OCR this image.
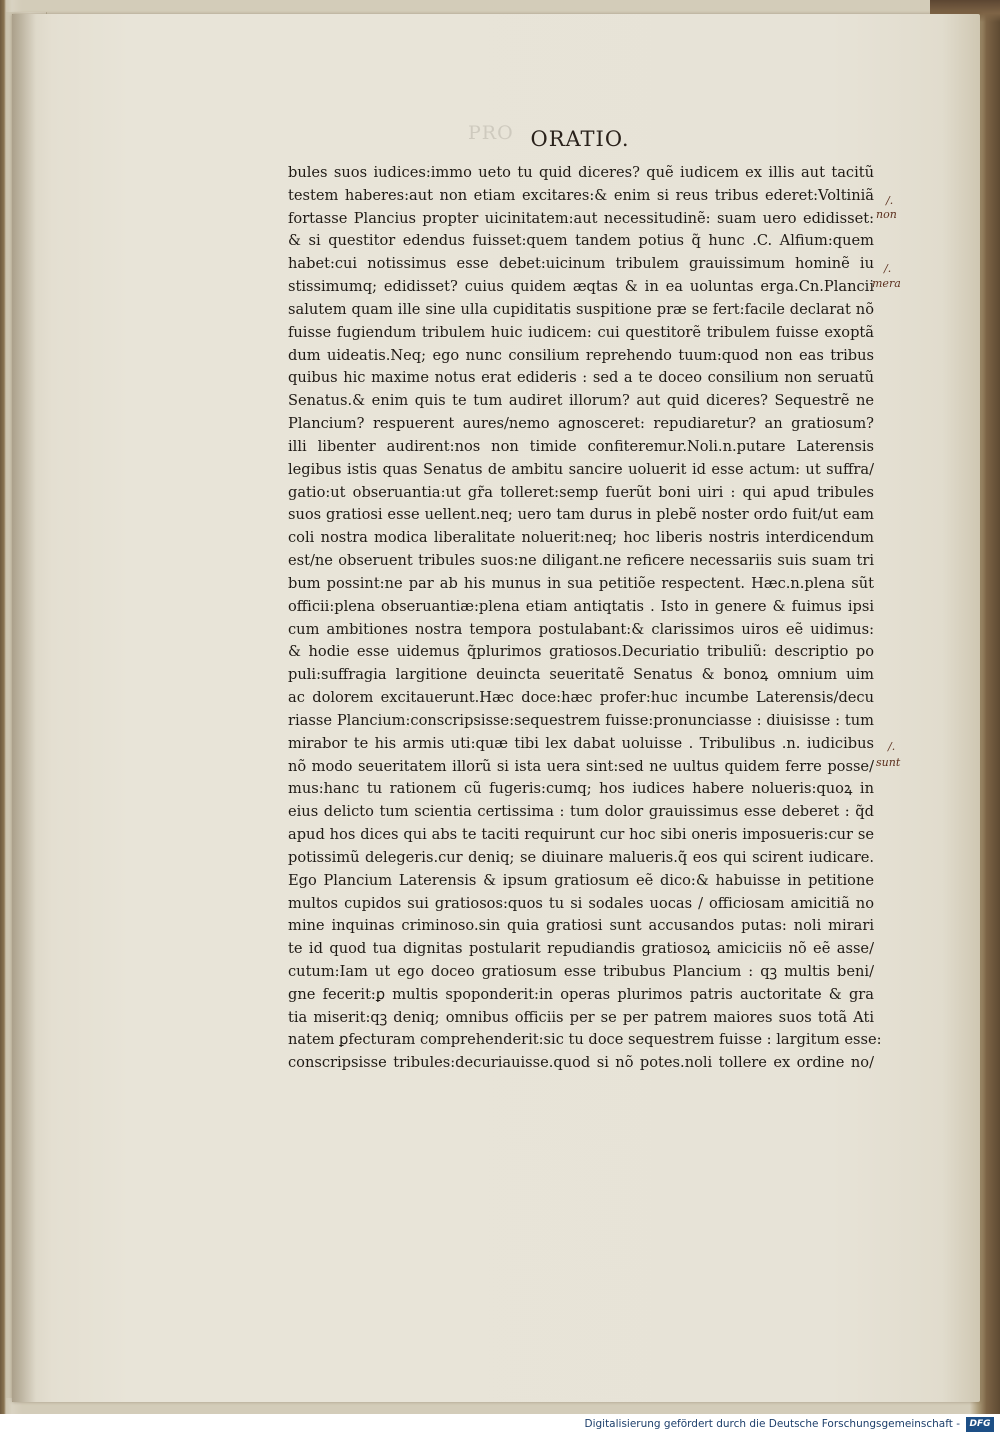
PRO ORATIO.
bules suos iudices:immo ueto tu quid diceres? quẽ iudicem ex illis aut tacitũ
testem haberes:aut non etiam excitares:& enim si reus tribus ederet:Voltiniã
fortasse Plancius propter uicinitatem:aut necessitudinẽ: suam uero edidisset:
& si questitor edendus fuisset:quem tandem potius q̃ hunc .C. Alfium:quem
habet:cui notissimus esse debet:uicinum tribulem grauissimum hominẽ iu
stissimumq; edidisset? cuius quidem æqtas & in ea uoluntas erga.Cn.Plancii
salutem quam ille sine ulla cupiditatis suspitione præ se fert:facile declarat nõ
fuisse fugiendum tribulem huic iudicem: cui questitorẽ tribulem fuisse exoptã
dum uideatis.Neq; ego nunc consilium reprehendo tuum:quod non eas tribus
quibus hic maxime notus erat edideris : sed a te doceo consilium non seruatũ
Senatus.& enim quis te tum audiret illorum? aut quid diceres? Sequestrẽ ne
Plancium? respuerent aures/nemo agnosceret: repudiaretur? an gratiosum?
illi libenter audirent:nos non timide confiteremur.Noli.n.putare Laterensis
legibus istis quas Senatus de ambitu sancire uoluerit id esse actum: ut suffra/
gatio:ut obseruantia:ut gr̃a tolleret:semp fuerũt boni uiri : qui apud tribules
suos gratiosi esse uellent.neq; uero tam durus in plebẽ noster ordo fuit/ut eam
coli nostra modica liberalitate noluerit:neq; hoc liberis nostris interdicendum
est/ne obseruent tribules suos:ne diligant.ne reficere necessariis suis suam tri
bum possint:ne par ab his munus in sua petitiõe respectent. Hæc.n.plena sũt
officii:plena obseruantiæ:plena etiam antiqtatis . Isto in genere & fuimus ipsi
cum ambitiones nostra tempora postulabant:& clarissimos uiros eẽ uidimus:
& hodie esse uidemus q̃plurimos gratiosos.Decuriatio tribuliũ: descriptio po
puli:suffragia largitione deuincta seueritatẽ Senatus & bonoꝝ omnium uim
ac dolorem excitauerunt.Hæc doce:hæc profer:huc incumbe Laterensis/decu
riasse Plancium:conscripsisse:sequestrem fuisse:pronunciasse : diuisisse : tum
mirabor te his armis uti:quæ tibi lex dabat uoluisse . Tribulibus .n. iudicibus
nõ modo seueritatem illorũ si ista uera sint:sed ne uultus quidem ferre posse/
mus:hanc tu rationem cũ fugeris:cumq; hos iudices habere nolueris:quoꝝ in
eius delicto tum scientia certissima : tum dolor grauissimus esse deberet : q̃d
apud hos dices qui abs te taciti requirunt cur hoc sibi oneris imposueris:cur se
potissimũ delegeris.cur deniq; se diuinare malueris.q̃ eos qui scirent iudicare.
Ego Plancium Laterensis & ipsum gratiosum eẽ dico:& habuisse in petitione
multos cupidos sui gratiosos:quos tu si sodales uocas / officiosam amicitiã no
mine inquinas criminoso.sin quia gratiosi sunt accusandos putas: noli mirari
te id quod tua dignitas postularit repudiandis gratiosoꝝ amiciciis nõ eẽ asse/
cutum:Iam ut ego doceo gratiosum esse tribubus Plancium : qꝫ multis beni/
gne fecerit:ꝑ multis spoponderit:in operas plurimos patris auctoritate & gra
tia miserit:qꝫ deniq; omnibus officiis per se per patrem maiores suos totã Ati
natem ꝑfecturam comprehenderit:sic tu doce sequestrem fuisse : largitum esse:
conscripsisse tribules:decuriauisse.quod si nõ potes.noli tollere ex ordine no/
/.
non
/.
mera
/.
sunt
Digitalisierung gefördert durch die Deutsche Forschungsgemeinschaft -	DFG
